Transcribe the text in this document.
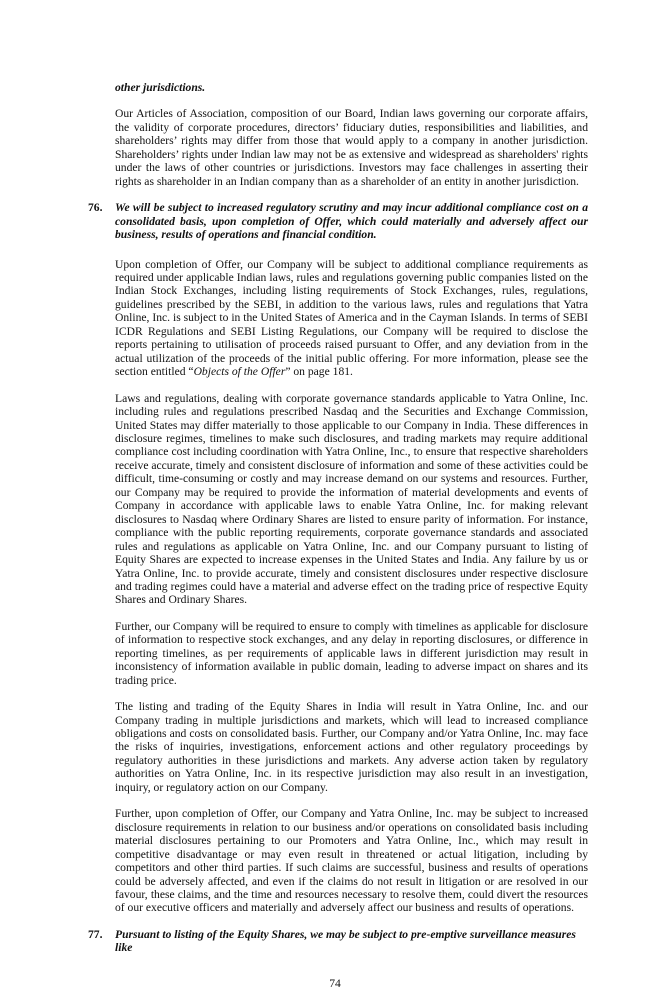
other jurisdictions.
Our Articles of Association, composition of our Board, Indian laws governing our corporate affairs, the validity of corporate procedures, directors’ fiduciary duties, responsibilities and liabilities, and shareholders’ rights may differ from those that would apply to a company in another jurisdiction. Shareholders’ rights under Indian law may not be as extensive and widespread as shareholders' rights under the laws of other countries or jurisdictions. Investors may face challenges in asserting their rights as shareholder in an Indian company than as a shareholder of an entity in another jurisdiction.
76. We will be subject to increased regulatory scrutiny and may incur additional compliance cost on a consolidated basis, upon completion of Offer, which could materially and adversely affect our business, results of operations and financial condition.
Upon completion of Offer, our Company will be subject to additional compliance requirements as required under applicable Indian laws, rules and regulations governing public companies listed on the Indian Stock Exchanges, including listing requirements of Stock Exchanges, rules, regulations, guidelines prescribed by the SEBI, in addition to the various laws, rules and regulations that Yatra Online, Inc. is subject to in the United States of America and in the Cayman Islands. In terms of SEBI ICDR Regulations and SEBI Listing Regulations, our Company will be required to disclose the reports pertaining to utilisation of proceeds raised pursuant to Offer, and any deviation from in the actual utilization of the proceeds of the initial public offering. For more information, please see the section entitled “Objects of the Offer” on page 181.
Laws and regulations, dealing with corporate governance standards applicable to Yatra Online, Inc. including rules and regulations prescribed Nasdaq and the Securities and Exchange Commission, United States may differ materially to those applicable to our Company in India. These differences in disclosure regimes, timelines to make such disclosures, and trading markets may require additional compliance cost including coordination with Yatra Online, Inc., to ensure that respective shareholders receive accurate, timely and consistent disclosure of information and some of these activities could be difficult, time-consuming or costly and may increase demand on our systems and resources. Further, our Company may be required to provide the information of material developments and events of Company in accordance with applicable laws to enable Yatra Online, Inc. for making relevant disclosures to Nasdaq where Ordinary Shares are listed to ensure parity of information. For instance, compliance with the public reporting requirements, corporate governance standards and associated rules and regulations as applicable on Yatra Online, Inc. and our Company pursuant to listing of Equity Shares are expected to increase expenses in the United States and India. Any failure by us or Yatra Online, Inc. to provide accurate, timely and consistent disclosures under respective disclosure and trading regimes could have a material and adverse effect on the trading price of respective Equity Shares and Ordinary Shares.
Further, our Company will be required to ensure to comply with timelines as applicable for disclosure of information to respective stock exchanges, and any delay in reporting disclosures, or difference in reporting timelines, as per requirements of applicable laws in different jurisdiction may result in inconsistency of information available in public domain, leading to adverse impact on shares and its trading price.
The listing and trading of the Equity Shares in India will result in Yatra Online, Inc. and our Company trading in multiple jurisdictions and markets, which will lead to increased compliance obligations and costs on consolidated basis. Further, our Company and/or Yatra Online, Inc. may face the risks of inquiries, investigations, enforcement actions and other regulatory proceedings by regulatory authorities in these jurisdictions and markets. Any adverse action taken by regulatory authorities on Yatra Online, Inc. in its respective jurisdiction may also result in an investigation, inquiry, or regulatory action on our Company.
Further, upon completion of Offer, our Company and Yatra Online, Inc. may be subject to increased disclosure requirements in relation to our business and/or operations on consolidated basis including material disclosures pertaining to our Promoters and Yatra Online, Inc., which may result in competitive disadvantage or may even result in threatened or actual litigation, including by competitors and other third parties. If such claims are successful, business and results of operations could be adversely affected, and even if the claims do not result in litigation or are resolved in our favour, these claims, and the time and resources necessary to resolve them, could divert the resources of our executive officers and materially and adversely affect our business and results of operations.
77. Pursuant to listing of the Equity Shares, we may be subject to pre-emptive surveillance measures like
74
